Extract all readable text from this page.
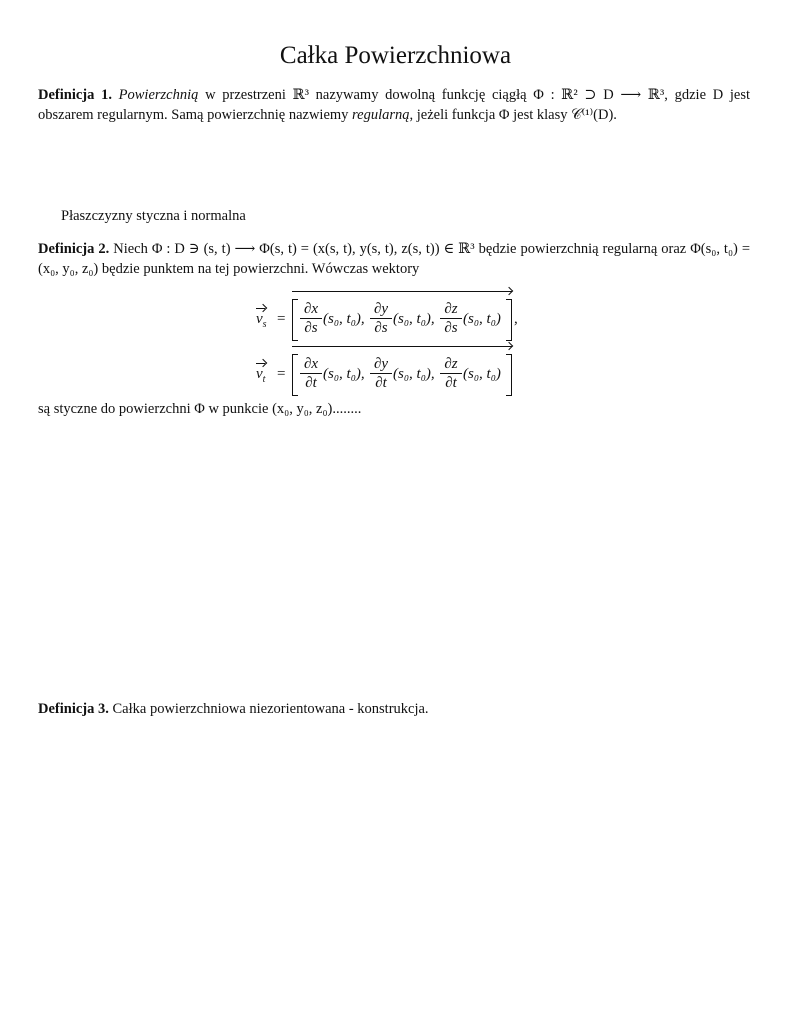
Całka Powierzchniowa
Definicja 1. Powierzchnią w przestrzeni ℝ³ nazywamy dowolną funkcję ciągłą Φ : ℝ² ⊃ D ⟶ ℝ³, gdzie D jest obszarem regularnym. Samą powierzchnię nazwiemy regularną, jeżeli funkcja Φ jest klasy 𝒞⁽¹⁾(D).
Płaszczyzny styczna i normalna
Definicja 2. Niech Φ : D ∋ (s, t) ⟶ Φ(s, t) = (x(s, t), y(s, t), z(s, t)) ∈ ℝ³ będzie powierzchnią regularną oraz Φ(s₀, t₀) = (x₀, y₀, z₀) będzie punktem na tej powierzchni. Wówczas wektory
$v_s = \frac{\partial x}{\partial s} (s_0$, t₀), $\frac{\partial y}{\partial s} (s_0$, t₀), $\frac{\partial z}{\partial s} (s_0$, t₀) ,
$v_t = \frac{\partial x}{\partial t} (s_0$, t₀), $\frac{\partial y}{\partial t} (s_0$, t₀), $\frac{\partial z}{\partial t} (s_0$, t₀)
są styczne do powierzchni Φ w punkcie (x₀, y₀, z₀)........
Definicja 3. Całka powierzchniowa niezorientowana - konstrukcja.
